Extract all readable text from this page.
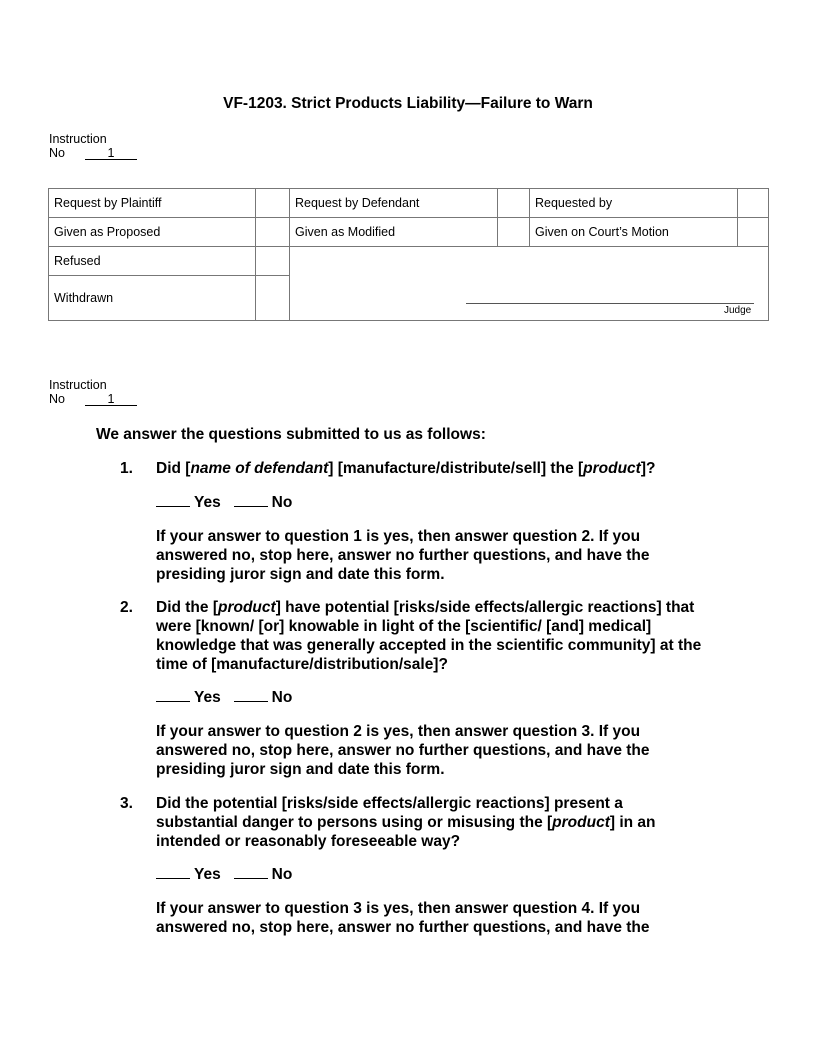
VF-1203. Strict Products Liability—Failure to Warn
Instruction
No	1
Request by Plaintiff		Request by Defendant		Requested by	
Given as Proposed		Given as Modified		Given on Court’s Motion	
Refused					
Withdrawn					
Judge
Instruction
No	1
We answer the questions submitted to us as follows:
1. Did [name of defendant] [manufacture/distribute/sell] the [product]?
Yes	No
If your answer to question 1 is yes, then answer question 2. If you answered no, stop here, answer no further questions, and have the presiding juror sign and date this form.
2. Did the [product] have potential [risks/side effects/allergic reactions] that were [known/ [or] knowable in light of the [scientific/ [and] medical] knowledge that was generally accepted in the scientific community] at the time of [manufacture/distribution/sale]?
Yes	No
If your answer to question 2 is yes, then answer question 3. If you answered no, stop here, answer no further questions, and have the presiding juror sign and date this form.
3. Did the potential [risks/side effects/allergic reactions] present a substantial danger to persons using or misusing the [product] in an intended or reasonably foreseeable way?
Yes	No
If your answer to question 3 is yes, then answer question 4. If you answered no, stop here, answer no further questions, and have the
